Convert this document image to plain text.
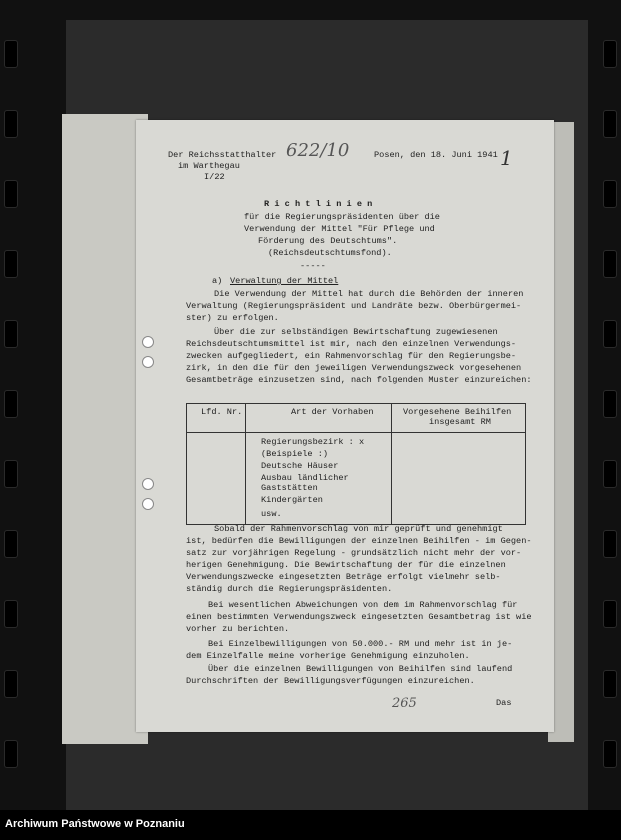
Der Reichsstatthalter
im Warthegau
I/22
622/10	Posen, den 18. Juni 1941 1
R i c h t l i n i e n
für die Regierungspräsidenten über die
Verwendung der Mittel "Für Pflege und
Förderung des Deutschtums".
(Reichsdeutschtumsfond).
-----
a) Verwaltung der Mittel
Die Verwendung der Mittel hat durch die Behörden der inneren
Verwaltung (Regierungspräsident und Landräte bezw. Oberbürgermei-
ster) zu erfolgen.
Über die zur selbständigen Bewirtschaftung zugewiesenen
Reichsdeutschtumsmittel ist mir, nach den einzelnen Verwendungs-
zwecken aufgegliedert, ein Rahmenvorschlag für den Regierungsbe-
zirk, in den die für den jeweiligen Verwendungszweck vorgesehenen
Gesamtbeträge einzusetzen sind, nach folgenden Muster einzureichen:
Lfd. Nr.	Art der Vorhaben	Vorgesehene Beihilfen
insgesamt RM
Regierungsbezirk : x
(Beispiele :)
Deutsche Häuser
Ausbau ländlicher
Gaststätten
Kindergärten
usw.
Sobald der Rahmenvorschlag von mir geprüft und genehmigt
ist, bedürfen die Bewilligungen der einzelnen Beihilfen - im Gegen-
satz zur vorjährigen Regelung - grundsätzlich nicht mehr der vor-
herigen Genehmigung. Die Bewirtschaftung der für die einzelnen
Verwendungszwecke eingesetzten Beträge erfolgt vielmehr selb-
ständig durch die Regierungspräsidenten.
Bei wesentlichen Abweichungen von dem im Rahmenvorschlag für
einen bestimmten Verwendungszweck eingesetzten Gesamtbetrag ist wie
vorher zu berichten.
Bei Einzelbewilligungen von 50.000.- RM und mehr ist in je-
dem Einzelfalle meine vorherige Genehmigung einzuholen.
Über die einzelnen Bewilligungen von Beihilfen sind laufend
Durchschriften der Bewilligungsverfügungen einzureichen.
265	Das
Archiwum Państwowe w Poznaniu
